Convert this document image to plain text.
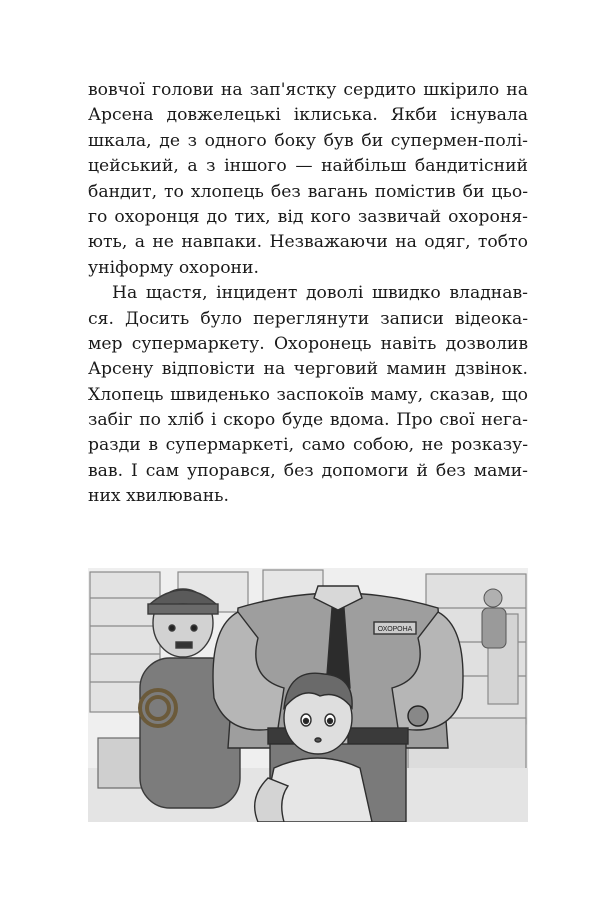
вовчої голови на зап'ястку сердито шкірило на
Арсена довжелецькі іклиська. Якби існувала
шкала, де з одного боку був би супермен-полі-
цейський, а з іншого — найбільш бандитісний
бандит, то хлопець без вагань помістив би цьо-
го охоронця до тих, від кого зазвичай охороня-
ють, а не навпаки. Незважаючи на одяг, тобто
уніформу охорони.
На щастя, інцидент доволі швидко владнав-
ся. Досить було переглянути записи відеока-
мер супермаркету. Охоронець навіть дозволив
Арсену відповісти на черговий мамин дзвінок.
Хлопець швиденько заспокоїв маму, сказав, що
забіг по хліб і скоро буде вдома. Про свої нега-
разди в супермаркеті, само собою, не розказу-
вав. І сам упорався, без допомоги й без мами-
них хвилювань.
ОХОРОНА
